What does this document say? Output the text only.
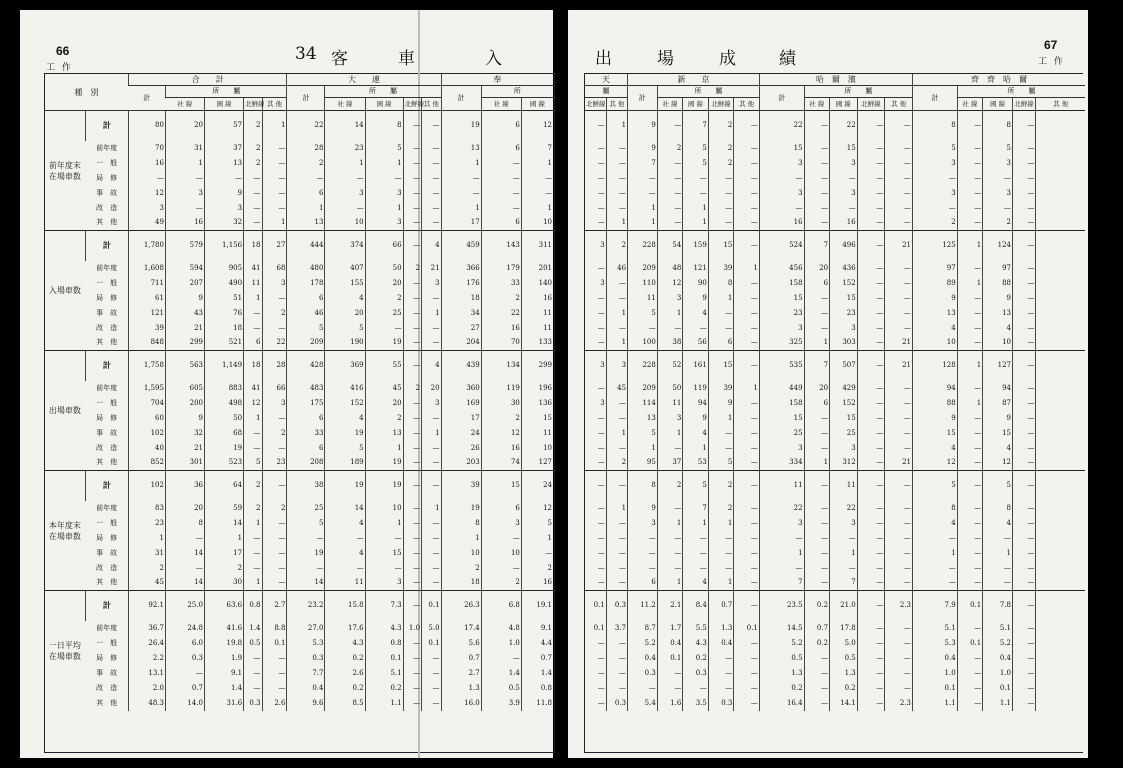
66
工 作
34 客	車	入
種　別		合　　計					大　　連					奉		
		計	所　　 屬				計	所　　 屬				計	所	
			社 線	國 線	北鮮線	其 他		社 線	國 線	北鮮線	其 他		社 線	國 線
前年度末在場車数	計	80	20	57	2	1	22	14	8	—	—	19	6	12
	前年度	70	31	37	2	—	28	23	5	—	—	13	6	7
	一　般	16	1	13	2	—	2	1	1	—	—	1	—	1
	局　修	—	—	—	—	—	—	—	—	—	—	—	—	—
	事　故	12	3	9	—	—	6	3	3	—	—	—	—	—
	改　造	3	—	3	—	—	1	—	1	—	—	1	—	1
	其　他	49	16	32	—	1	13	10	3	—	—	17	6	10
入場車数	計	1,780	579	1,156	18	27	444	374	66	—	4	459	143	311
	前年度	1,608	594	905	41	68	480	407	50	2	21	366	179	201
	一　般	711	207	490	11	3	178	155	20	—	3	176	33	140
	局　修	61	9	51	1	—	6	4	2	—	—	18	2	16
	事　故	121	43	76	—	2	46	20	25	—	1	34	22	11
	改　造	39	21	18	—	—	5	5	—	—	—	27	16	11
	其　他	848	299	521	6	22	209	190	19	—	—	204	70	133
出場車数	計	1,758	563	1,149	18	28	428	369	55	—	4	439	134	299
	前年度	1,595	605	883	41	66	483	416	45	2	20	360	119	196
	一　般	704	200	498	12	3	175	152	20	—	3	169	30	136
	局　修	60	9	50	1	—	6	4	2	—	—	17	2	15
	事　故	102	32	68	—	2	33	19	13	—	1	24	12	11
	改　造	40	21	19	—	—	6	5	1	—	—	26	16	10
	其　他	852	301	523	5	23	208	189	19	—	—	203	74	127
本年度末在場車数	計	102	36	64	2	—	38	19	19	—	—	39	15	24
	前年度	83	20	59	2	2	25	14	10	—	1	19	6	12
	一　般	23	8	14	1	—	5	4	1	—	—	8	3	5
	局　修	1	—	1	—	—	—	—	—	—	—	1	—	1
	事　故	31	14	17	—	—	19	4	15	—	—	10	10	—
	改　造	2	—	2	—	—	—	—	—	—	—	2	—	2
	其　他	45	14	30	1	—	14	11	3	—	—	18	2	16
一日平均在場車数	計	92.1	25.0	63.6	0.8	2.7	23.2	15.8	7.3	—	0.1	26.3	6.8	19.1
	前年度	36.7	24.8	41.6	1.4	8.8	27.0	17.6	4.3	1.0	5.0	17.4	4.8	9.1
	一　般	26.4	6.0	19.8	0.5	0.1	5.3	4.3	0.8	—	0.1	5.6	1.0	4.4
	局　修	2.2	0.3	1.9	—	—	0.3	0.2	0.1	—	—	0.7	—	0.7
	事　故	13.1	—	9.1	—	—	7.7	2.6	5.1	—	—	2.7	1.4	1.4
	改　造	2.0	0.7	1.4	—	—	0.4	0.2	0.2	—	—	1.3	0.5	0.8
	其　他	48.3	14.0	31.6	0.3	2.6	9.6	8.5	1.1	—	—	16.0	3.9	11.8
67
工 作
出	場	成	績
天		新　　京					哈　爾　濱					齊　齊　哈　爾				
屬		計	所　　 屬				計	所　　 屬				計	所　　 屬			
北鮮線	其 他		社 線	國 線	北鮮線	其 他		社 線	國 線	北鮮線	其 他		社 線	國 線	北鮮線	其 他
—	1	9	—	7	2	—	22	—	22	—	—	8	—	8	—	
—	—	9	2	5	2	—	15	—	15	—	—	5	—	5	—	
—	—	7	—	5	2	—	3	—	3	—	—	3	—	3	—	
—	—	—	—	—	—	—	—	—	—	—	—	—	—	—	—	
—	—	—	—	—	—	—	3	—	3	—	—	3	—	3	—	
—	—	1	—	1	—	—	—	—	—	—	—	—	—	—	—	
—	1	1	—	1	—	—	16	—	16	—	—	2	—	2	—	
3	2	228	54	159	15	—	524	7	496	—	21	125	1	124	—	
—	46	209	48	121	39	1	456	20	436	—	—	97	—	97	—	
3	—	110	12	90	8	—	158	6	152	—	—	89	1	88	—	
—	—	11	3	9	1	—	15	—	15	—	—	9	—	9	—	
—	1	5	1	4	—	—	23	—	23	—	—	13	—	13	—	
—	—	—	—	—	—	—	3	—	3	—	—	4	—	4	—	
—	1	100	38	56	6	—	325	1	303	—	21	10	—	10	—	
3	3	228	52	161	15	—	535	7	507	—	21	128	1	127	—	
—	45	209	50	119	39	1	449	20	429	—	—	94	—	94	—	
3	—	114	11	94	9	—	158	6	152	—	—	88	1	87	—	
—	—	13	3	9	1	—	15	—	15	—	—	9	—	9	—	
—	1	5	1	4	—	—	25	—	25	—	—	15	—	15	—	
—	—	1	—	1	—	—	3	—	3	—	—	4	—	4	—	
—	2	95	37	53	5	—	334	1	312	—	21	12	—	12	—	
—	—	8	2	5	2	—	11	—	11	—	—	5	—	5	—	
—	1	9	—	7	2	—	22	—	22	—	—	8	—	8	—	
—	—	3	1	1	1	—	3	—	3	—	—	4	—	4	—	
—	—	—	—	—	—	—	—	—	—	—	—	—	—	—	—	
—	—	—	—	—	—	—	1	—	1	—	—	1	—	1	—	
—	—	—	—	—	—	—	—	—	—	—	—	—	—	—	—	
—	—	6	1	4	1	—	7	—	7	—	—	—	—	—	—	
0.1	0.3	11.2	2.1	8.4	0.7	—	23.5	0.2	21.0	—	2.3	7.9	0.1	7.8	—	
0.1	3.7	8.7	1.7	5.5	1.3	0.1	14.5	0.7	17.8	—	—	5.1	—	5.1	—	
—	—	5.2	0.4	4.3	0.4	—	5.2	0.2	5.0	—	—	5.3	0.1	5.2	—	
—	—	0.4	0.1	0.2	—	—	0.5	—	0.5	—	—	0.4	—	0.4	—	
—	—	0.3	—	0.3	—	—	1.3	—	1.3	—	—	1.0	—	1.0	—	
—	—	—	—	—	—	—	0.2	—	0.2	—	—	0.1	—	0.1	—	
—	0.3	5.4	1.6	3.5	0.3	—	16.4	—	14.1	—	2.3	1.1	—	1.1	—	
